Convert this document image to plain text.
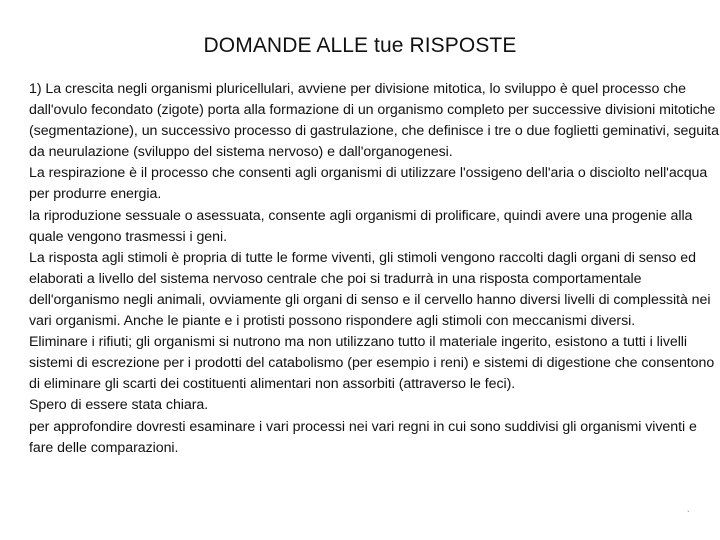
DOMANDE ALLE tue RISPOSTE

1) La crescita negli organismi pluricellulari, avviene per divisione mitotica, lo sviluppo è quel processo che dall'ovulo fecondato (zigote) porta alla formazione di un organismo completo per successive divisioni mitotiche (segmentazione), un successivo processo di gastrulazione, che definisce i tre o due foglietti geminativi, seguita da neurulazione (sviluppo del sistema nervoso) e dall'organogenesi.

La respirazione è il processo che consenti agli organismi di utilizzare l'ossigeno dell'aria o disciolto nell'acqua per produrre energia.

la riproduzione sessuale o asessuata, consente agli organismi di prolificare, quindi avere una progenie alla quale vengono trasmessi i geni.

La risposta agli stimoli è propria di tutte le forme viventi, gli stimoli vengono raccolti dagli organi di senso ed elaborati a livello del sistema nervoso centrale che poi si tradurrà in una risposta comportamentale dell'organismo negli animali, ovviamente gli organi di senso e il cervello hanno diversi livelli di complessità nei vari organismi. Anche le piante e i protisti possono rispondere agli stimoli con meccanismi diversi.

Eliminare i rifiuti; gli organismi si nutrono ma non utilizzano tutto il materiale ingerito, esistono a tutti i livelli sistemi di escrezione per i prodotti del catabolismo (per esempio i reni) e sistemi di digestione che consentono di eliminare gli scarti dei costituenti alimentari non assorbiti (attraverso le feci).

Spero di essere stata chiara.

per approfondire dovresti esaminare i vari processi nei vari regni in cui sono suddivisi gli organismi viventi e fare delle comparazioni.

`
